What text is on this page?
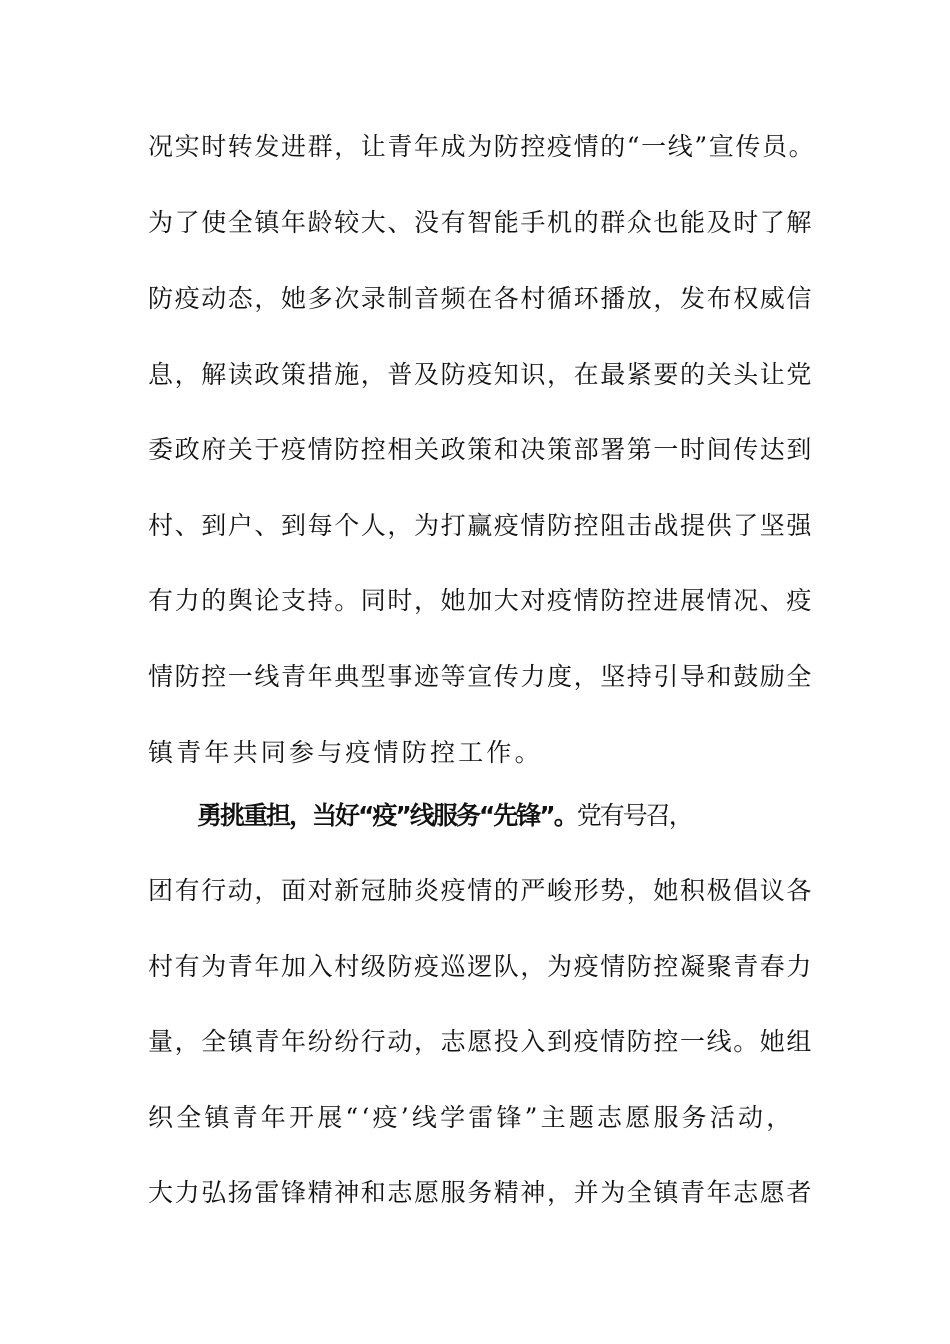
况实时转发进群，让青年成为防控疫情的“一线”宣传员。
为了使全镇年龄较大、没有智能手机的群众也能及时了解
防疫动态，她多次录制音频在各村循环播放，发布权威信
息，解读政策措施，普及防疫知识，在最紧要的关头让党
委政府关于疫情防控相关政策和决策部署第一时间传达到
村、到户、到每个人，为打赢疫情防控阻击战提供了坚强
有力的舆论支持。同时，她加大对疫情防控进展情况、疫
情防控一线青年典型事迹等宣传力度，坚持引导和鼓励全
镇青年共同参与疫情防控工作。
勇挑重担，当好“疫”线服务“先锋”。党有号召，
团有行动，面对新冠肺炎疫情的严峻形势，她积极倡议各
村有为青年加入村级防疫巡逻队，为疫情防控凝聚青春力
量，全镇青年纷纷行动，志愿投入到疫情防控一线。她组
织全镇青年开展“‘疫’线学雷锋”主题志愿服务活动，
大力弘扬雷锋精神和志愿服务精神，并为全镇青年志愿者
